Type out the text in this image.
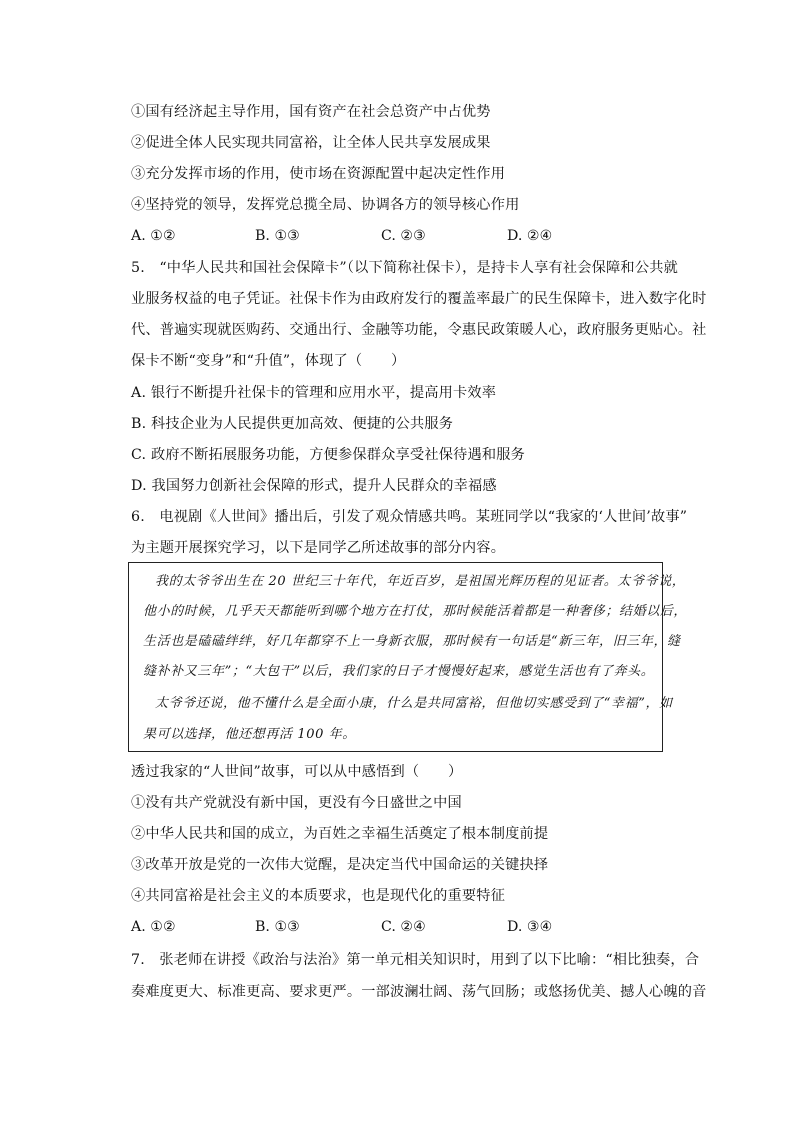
①国有经济起主导作用，国有资产在社会总资产中占优势
②促进全体人民实现共同富裕，让全体人民共享发展成果
③充分发挥市场的作用，使市场在资源配置中起决定性作用
④坚持党的领导，发挥党总揽全局、协调各方的领导核心作用
A. ①②	B. ①③	C. ②③	D. ②④
5.　“中华人民共和国社会保障卡”（以下简称社保卡），是持卡人享有社会保障和公共就
业服务权益的电子凭证。社保卡作为由政府发行的覆盖率最广的民生保障卡，进入数字化时
代、普遍实现就医购药、交通出行、金融等功能，令惠民政策暖人心，政府服务更贴心。社
保卡不断“变身”和“升值”，体现了（　　）
A. 银行不断提升社保卡的管理和应用水平，提高用卡效率
B. 科技企业为人民提供更加高效、便捷的公共服务
C. 政府不断拓展服务功能，方便参保群众享受社保待遇和服务
D. 我国努力创新社会保障的形式，提升人民群众的幸福感
6.　电视剧《人世间》播出后，引发了观众情感共鸣。某班同学以“我家的‘人世间’故事”
为主题开展探究学习，以下是同学乙所述故事的部分内容。
我的太爷爷出生在 20 世纪三十年代，年近百岁，是祖国光辉历程的见证者。太爷爷说，
他小的时候，几乎天天都能听到哪个地方在打仗，那时候能活着都是一种奢侈；结婚以后，
生活也是磕磕绊绊，好几年都穿不上一身新衣服，那时候有一句话是“新三年，旧三年，缝
缝补补又三年”；“大包干”以后，我们家的日子才慢慢好起来，感觉生活也有了奔头。
太爷爷还说，他不懂什么是全面小康，什么是共同富裕，但他切实感受到了“幸福”，如
果可以选择，他还想再活 100 年。
透过我家的“人世间”故事，可以从中感悟到（　　）
①没有共产党就没有新中国，更没有今日盛世之中国
②中华人民共和国的成立，为百姓之幸福生活奠定了根本制度前提
③改革开放是党的一次伟大觉醒，是决定当代中国命运的关键抉择
④共同富裕是社会主义的本质要求，也是现代化的重要特征
A. ①②	B. ①③	C. ②④	D. ③④
7.　张老师在讲授《政治与法治》第一单元相关知识时，用到了以下比喻：“相比独奏，合
奏难度更大、标准更高、要求更严。一部波澜壮阔、荡气回肠；或悠扬优美、撼人心魄的音
